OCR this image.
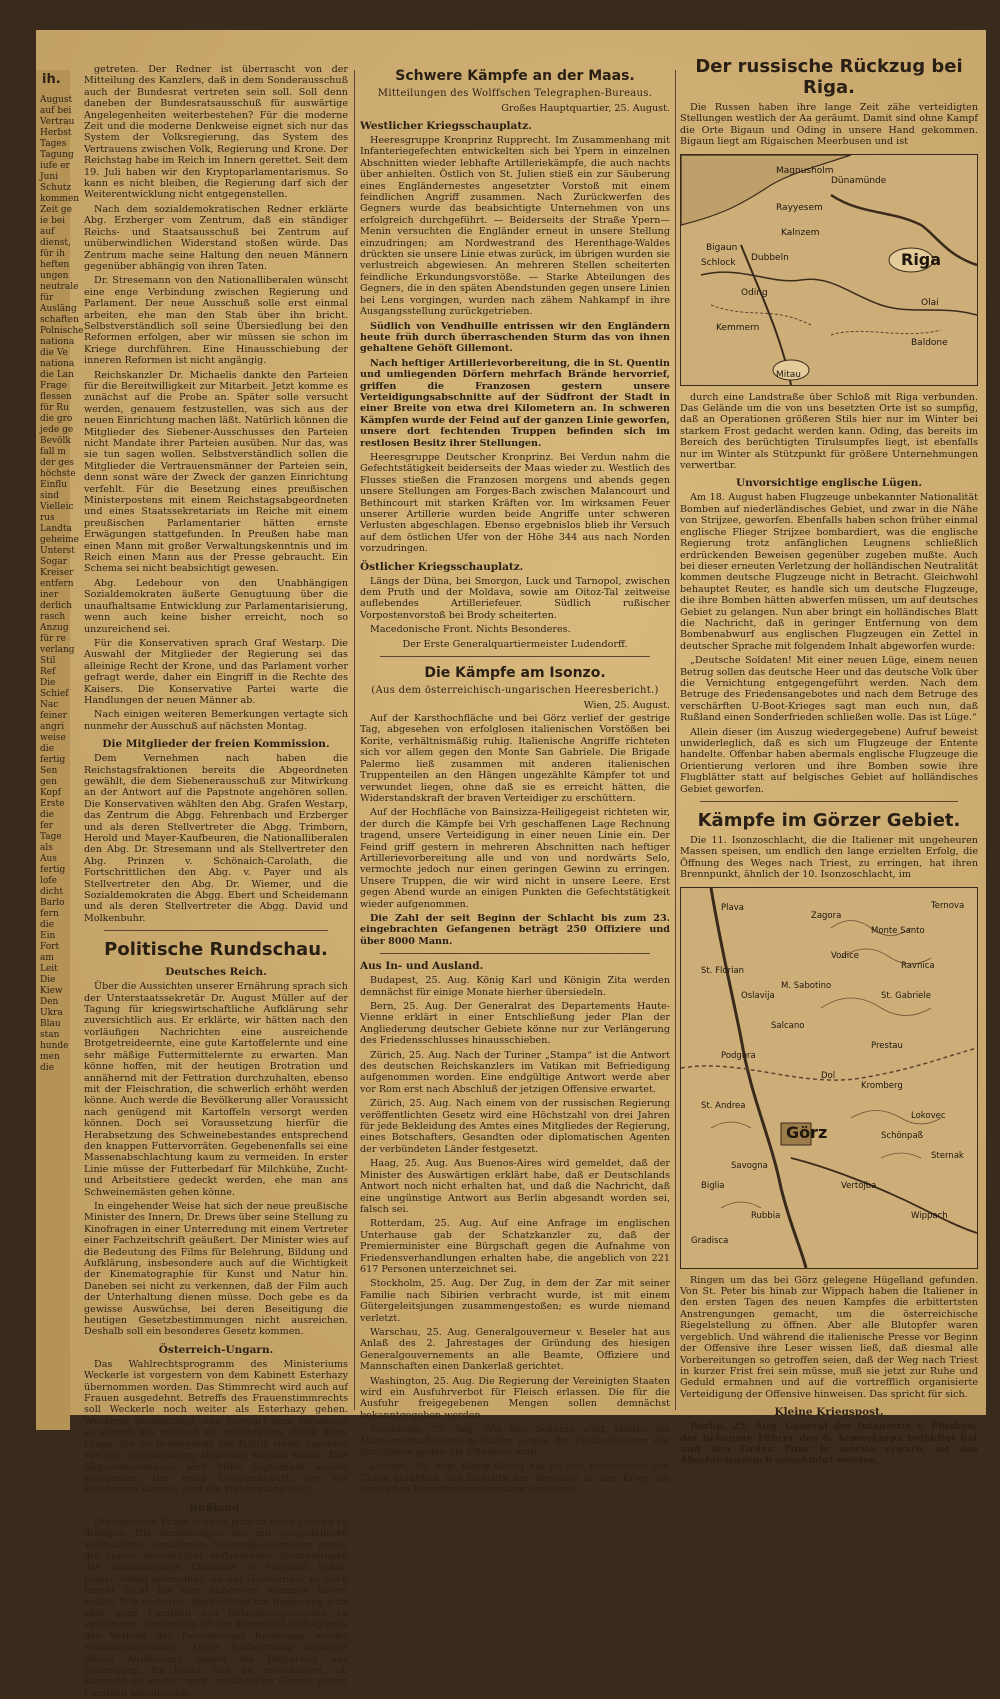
ih.
August
auf bei
Vertrau
Herbst
Tages
Tagung
iufe er
Juni
Schutz
kommen
Zeit ge
ie bei
auf
dienst,
für ih
heften
ungen
neutrale
für
Ausläng
schaften
Polnische
nationa
die Ve
nationa
die Lan
Frage
flessen
für Ru
die gro
jede ge
Bevölk
fall m
der ges
höchste
Einflu
sind
Vielleic
rus
Landta
geheime
Unterst
Sogar
Kreiser
entfern
iner
derlich
rasch
Anzug
für re
verlang
Stil
Ref
Die
Schief
Nac
feiner
angri
weise
die
fertig
Sen
gen
Kopf
Erste
die
fer
Tage
als
Aus
fertig
lofe
dicht
Barlo
fern
die
Ein
Fort
am
Leit
Die
Kiew
Den
Ukra
Blau
stan
hunde
men
die

getreten. Der Redner ist überrascht von der Mitteilung des Kanzlers, daß in dem Sonderausschuß auch der Bundesrat vertreten sein soll. Soll denn daneben der Bundesratsausschuß für auswärtige Angelegenheiten weiterbestehen? Für die moderne Zeit und die moderne Denkweise eignet sich nur das System der Volksregierung, das System des Vertrauens zwischen Volk, Regierung und Krone. Der Reichstag habe im Reich im Innern gerettet. Seit dem 19. Juli haben wir den Kryptoparlamentarismus. So kann es nicht bleiben, die Regierung darf sich der Weiterentwicklung nicht entgegenstellen.

Nach dem sozialdemokratischen Redner erklärte Abg. Erzberger vom Zentrum, daß ein ständiger Reichs- und Staatsausschuß bei Zentrum auf unüberwindlichen Widerstand stoßen würde. Das Zentrum mache seine Haltung den neuen Männern gegenüber abhängig von ihren Taten.

Dr. Stresemann von den Nationalliberalen wünscht eine enge Verbindung zwischen Regierung und Parlament. Der neue Ausschuß solle erst einmal arbeiten, ehe man den Stab über ihn bricht. Selbstverständlich soll seine Übersiedlung bei den Reformen erfolgen, aber wir müssen sie schon im Kriege durchführen. Eine Hinausschiebung der inneren Reformen ist nicht angängig.

Reichskanzler Dr. Michaelis dankte den Parteien für die Bereitwilligkeit zur Mitarbeit. Jetzt komme es zunächst auf die Probe an. Später solle versucht werden, genauem festzustellen, was sich aus der neuen Einrichtung machen läßt. Natürlich können die Mitglieder des Siebener-Ausschusses den Parteien nicht Mandate ihrer Parteien ausüben. Nur das, was sie tun sagen wollen. Selbstverständlich sollen die Mitglieder die Vertrauensmänner der Parteien sein, denn sonst wäre der Zweck der ganzen Einrichtung verfehlt. Für die Besetzung eines preußischen Ministerpostens mit einem Reichstagsabgeordneten und eines Staatssekretariats im Reiche mit einem preußischen Parlamentarier hätten ernste Erwägungen stattgefunden. In Preußen habe man einen Mann mit großer Verwaltungskenntnis und im Reich einen Mann aus der Presse gebraucht. Ein Schema sei nicht beabsichtigt gewesen.

Abg. Ledebour von den Unabhängigen Sozialdemokraten äußerte Genugtuung über die unaufhaltsame Entwicklung zur Parlamentarisierung, wenn auch keine bisher erreicht, noch so unzureichend sei.

Für die Konservativen sprach Graf Westarp. Die Auswahl der Mitglieder der Regierung sei das alleinige Recht der Krone, und das Parlament vorher gefragt werde, daher ein Eingriff in die Rechte des Kaisers. Die Konservative Partei warte die Handlungen der neuen Männer ab.

Nach einigen weiteren Bemerkungen vertagte sich nunmehr der Ausschuß auf nächsten Montag.

Die Mitglieder der freien Kommission.

Dem Vernehmen nach haben die Reichstagsfraktionen bereits die Abgeordneten gewählt, die dem Siebenerausschuß zur Mitwirkung an der Antwort auf die Papstnote angehören sollen. Die Konservativen wählten den Abg. Grafen Westarp, das Zentrum die Abgg. Fehrenbach und Erzberger und als deren Stellvertreter die Abgg. Trimborn, Herold und Mayer-Kaufbeuren, die Nationalliberalen den Abg. Dr. Stresemann und als Stellvertreter den Abg. Prinzen v. Schönaich-Carolath, die Fortschrittlichen den Abg. v. Payer und als Stellvertreter den Abg. Dr. Wiemer, und die Sozialdemokraten die Abgg. Ebert und Scheidemann und als deren Stellvertreter die Abgg. David und Molkenbuhr.

Politische Rundschau.
Deutsches Reich.

Über die Aussichten unserer Ernährung sprach sich der Unterstaatssekretär Dr. August Müller auf der Tagung für kriegswirtschaftliche Aufklärung sehr zuversichtlich aus. Er erklärte, wir hätten nach den vorläufigen Nachrichten eine ausreichende Brotgetreideernte, eine gute Kartoffelernte und eine sehr mäßige Futtermittelernte zu erwarten. Man könne hoffen, mit der heutigen Brotration und annähernd mit der Fettration durchzuhalten, ebenso mit der Fleischration, die schwerlich erhöht werden könne. Auch werde die Bevölkerung aller Voraussicht nach genügend mit Kartoffeln versorgt werden können. Doch sei Voraussetzung hierfür die Herabsetzung des Schweinebestandes entsprechend den knappen Futtervorräten. Gegebenenfalls sei eine Massenabschlachtung kaum zu vermeiden. In erster Linie müsse der Futterbedarf für Milchkühe, Zucht- und Arbeitstiere gedeckt werden, ehe man ans Schweinemästen gehen könne.

In eingehender Weise hat sich der neue preußische Minister des Innern, Dr. Drews über seine Stellung zu Kinofragen in einer Unterredung mit einem Vertreter einer Fachzeitschrift geäußert. Der Minister wies auf die Bedeutung des Films für Belehrung, Bildung und Aufklärung, insbesondere auch auf die Wichtigkeit der Kinematographie für Kunst und Natur hin. Daneben sei nicht zu verkennen, daß der Film auch der Unterhaltung dienen müsse. Doch gebe es da gewisse Auswüchse, bei deren Beseitigung die heutigen Gesetzbestimmungen nicht ausreichen. Deshalb soll ein besonderes Gesetz kommen.

Österreich-Ungarn.

Das Wahlrechtsprogramm des Ministeriums Weckerle ist vorgestern von dem Kabinett Esterhazy übernommen worden. Das Stimmrecht wird auch auf Frauen ausgedehnt. Betreffs des Frauenstimmrechts soll Weckerle noch weiter als Esterhazy gehen. Weckerle beabsichtigt, den Entwurf dem Parlament so schnell wie möglich zu unterbreiten, damit diese Frage, die im Brennpunkt der Politik stehe, raschest von der Tagesordnung abgesetzt werden könne. Das Abgeordnetenhaus wird Mitte September wieder einberufen. Der erste Gesetzentwurf, der zur Erledigung kommt, wird die Wahlvorlage sein.

Rußland.

Die finnische Frage scheint jetzt zu einer Lösung zu drängen. Die Bemühungen des mit ausgedehnten Vollmachten versehenen Generalgouverneurs gegen die immer unverhüllter auftretenden Bestrebungen der sozialistischen Elemente in Finnland haben bisher wenig gefruchtet, da der Gouverneur es noch immer nicht bis zum äußersten kommen lassen wollte. Wie verlautet, beabsichtigt die Regierung jetzt aber ganz Finnland den Belagerungszustand zu verhängen. Inzwischen ist der finnische Landtag trotz des Verbots der Petersburger Regierung wieder zusammengetreten. Diese Einberufung bedeutet offene Auflehnung gegen die Regierung aus Petersburg. Es bleibt nun zu entscheiden, ob Kerenski es wagen wird, militärische Gewalt gegen Finnland aufzubieten.

Schwere Kämpfe an der Maas.
Mitteilungen des Wolffschen Telegraphen-Bureaus.
Großes Hauptquartier, 25. August.
Westlicher Kriegsschauplatz.

Heeresgruppe Kronprinz Rupprecht. Im Zusammenhang mit Infanteriegefechten entwickelten sich bei Ypern in einzelnen Abschnitten wieder lebhafte Artilleriekämpfe, die auch nachts über anhielten. Östlich von St. Julien stieß ein zur Säuberung eines Engländernestes angesetzter Vorstoß mit einem feindlichen Angriff zusammen. Nach Zurückwerfen des Gegners wurde das beabsichtigte Unternehmen von uns erfolgreich durchgeführt. — Beiderseits der Straße Ypern—Menin versuchten die Engländer erneut in unsere Stellung einzudringen; am Nordwestrand des Herenthage-Waldes drückten sie unsere Linie etwas zurück, im übrigen wurden sie verlustreich abgewiesen. An mehreren Stellen scheiterten feindliche Erkundungsvorstöße. — Starke Abteilungen des Gegners, die in den späten Abendstunden gegen unsere Linien bei Lens vorgingen, wurden nach zähem Nahkampf in ihre Ausgangsstellung zurückgetrieben.

Südlich von Vendhuille entrissen wir den Engländern heute früh durch überraschenden Sturm das von ihnen gehaltene Gehöft Gillemont.

Nach heftiger Artillerievorbereitung, die in St. Quentin und umliegenden Dörfern mehrfach Brände hervorrief, griffen die Franzosen gestern unsere Verteidigungsabschnitte auf der Südfront der Stadt in einer Breite von etwa drei Kilometern an. In schweren Kämpfen wurde der Feind auf der ganzen Linie geworfen, unsere dort fechtenden Truppen befinden sich im restlosen Besitz ihrer Stellungen.

Heeresgruppe Deutscher Kronprinz. Bei Verdun nahm die Gefechtstätigkeit beiderseits der Maas wieder zu. Westlich des Flusses stießen die Franzosen morgens und abends gegen unsere Stellungen am Forges-Bach zwischen Malancourt und Bethincourt mit starken Kräften vor. Im wirksamen Feuer unserer Artillerie wurden beide Angriffe unter schweren Verlusten abgeschlagen. Ebenso ergebnislos blieb ihr Versuch auf dem östlichen Ufer von der Höhe 344 aus nach Norden vorzudringen.

Östlicher Kriegsschauplatz.

Längs der Düna, bei Smorgon, Luck und Tarnopol, zwischen dem Pruth und der Moldava, sowie am Oitoz-Tal zeitweise auflebendes Artilleriefeuer. Südlich rußischer Vorpostenvorstoß bei Brody scheiterten.

Macedonische Front. Nichts Besonderes.

Der Erste Generalquartiermeister Ludendorff.

Die Kämpfe am Isonzo.
(Aus dem österreichisch-ungarischen Heeresbericht.)
Wien, 25. August.

Auf der Karsthochfläche und bei Görz verlief der gestrige Tag, abgesehen von erfolglosen italienischen Vorstößen bei Korite, verhältnismäßig ruhig. Italienische Angriffe richteten sich vor allem gegen den Monte San Gabriele. Die Brigade Palermo ließ zusammen mit anderen italienischen Truppenteilen an den Hängen ungezählte Kämpfer tot und verwundet liegen, ohne daß sie es erreicht hätten, die Widerstandskraft der braven Verteidiger zu erschüttern.

Auf der Hochfläche von Bainsizza-Heiligegeist richteten wir, der durch die Kämpfe bei Vrh geschaffenen Lage Rechnung tragend, unsere Verteidigung in einer neuen Linie ein. Der Feind griff gestern in mehreren Abschnitten nach heftiger Artillerievorbereitung alle und von und nordwärts Selo, vermochte jedoch nur einen geringen Gewinn zu erringen. Unsere Truppen, die wir wird nicht in unsere Leere. Erst gegen Abend wurde an einigen Punkten die Gefechtstätigkeit wieder aufgenommen.

Die Zahl der seit Beginn der Schlacht bis zum 23. eingebrachten Gefangenen beträgt 250 Offiziere und über 8000 Mann.

Aus In- und Ausland.

Budapest, 25. Aug. König Karl und Königin Zita werden demnächst für einige Monate hierher übersiedeln.

Bern, 25. Aug. Der Generalrat des Departements Haute-Vienne erklärt in einer Entschließung jeder Plan der Angliederung deutscher Gebiete könne nur zur Verlängerung des Friedensschlusses hinausschieben.

Zürich, 25. Aug. Nach der Turiner „Stampa“ ist die Antwort des deutschen Reichskanzlers im Vatikan mit Befriedigung aufgenommen worden. Eine endgültige Antwort werde aber vor Rom erst nach Abschluß der jetzigen Offensive erwartet.

Zürich, 25. Aug. Nach einem von der russischen Regierung veröffentlichten Gesetz wird eine Höchstzahl von drei Jahren für jede Bekleidung des Amtes eines Mitgliedes der Regierung, eines Botschafters, Gesandten oder diplomatischen Agenten der verbündeten Länder festgesetzt.

Haag, 25. Aug. Aus Buenos-Aires wird gemeldet, daß der Minister des Auswärtigen erklärt habe, daß er Deutschlands Antwort noch nicht erhalten hat, und daß die Nachricht, daß eine ungünstige Antwort aus Berlin abgesandt worden sei, falsch sei.

Rotterdam, 25. Aug. Auf eine Anfrage im englischen Unterhause gab der Schatzkanzler zu, daß der Premierminister eine Bürgschaft gegen die Aufnahme von Friedensverhandlungen erhalten habe, die angeblich von 221 617 Personen unterzeichnet sei.

Stockholm, 25. Aug. Der Zug, in dem der Zar mit seiner Familie nach Sibirien verbracht wurde, ist mit einem Gütergeleitsjungen zusammengestoßen; es wurde niemand verletzt.

Warschau, 25. Aug. Generalgouverneur v. Beseler hat aus Anlaß des 2. Jahrestages der Gründung des hiesigen Generalgouvernements an alle Beamte, Offiziere und Mannschaften einen Dankerlaß gerichtet.

Washington, 25. Aug. Die Regierung der Vereinigten Staaten wird ein Ausfuhrverbot für Fleisch erlassen. Die für die Ausfuhr freigegebenen Mengen sollen demnächst bekanntgegeben werden.

Stockholm, 25. Aug. Wie hier bekannt wird, fanden die Massenverhaftungen in Italien wegen der Kundgebungen der Sozialisten gegen die Offensive statt.

London, 25. Aug. König Georg hat an den Präsidenten von China anläßlich des Eintritts der Republik in den Krieg ein herzliches Begrüßungstelegramm gerichtet.

Der russische Rückzug bei Riga.

Die Russen haben ihre lange Zeit zähe verteidigten Stellungen westlich der Aa geräumt. Damit sind ohne Kampf die Orte Bigaun und Oding in unsere Hand gekommen. Bigaun liegt am Rigaischen Meerbusen und ist

Magnusholm
Dünamünde
Rayyesem
Kalnzem
Riga
Schlock
Oding
Bigaun
Mitau
Kemmern
Dubbeln
Olai
Baldone

durch eine Landstraße über Schloß mit Riga verbunden. Das Gelände um die von uns besetzten Orte ist so sumpfig, daß an Operationen größeren Stils hier nur im Winter bei starkem Frost gedacht werden kann. Oding, das bereits im Bereich des berüchtigten Tirulsumpfes liegt, ist ebenfalls nur im Winter als Stützpunkt für größere Unternehmungen verwertbar.

Unvorsichtige englische Lügen.

Am 18. August haben Flugzeuge unbekannter Nationalität Bomben auf niederländisches Gebiet, und zwar in die Nähe von Strijzee, geworfen. Ebenfalls haben schon früher einmal englische Flieger Strijzee bombardiert, was die englische Regierung trotz anfänglichen Leugnens schließlich erdrückenden Beweisen gegenüber zugeben mußte. Auch bei dieser erneuten Verletzung der holländischen Neutralität kommen deutsche Flugzeuge nicht in Betracht. Gleichwohl behauptet Reuter, es handle sich um deutsche Flugzeuge, die ihre Bomben hätten abwerfen müssen, um auf deutsches Gebiet zu gelangen. Nun aber bringt ein holländisches Blatt die Nachricht, daß in geringer Entfernung von dem Bombenabwurf aus englischen Flugzeugen ein Zettel in deutscher Sprache mit folgendem Inhalt abgeworfen wurde:

„Deutsche Soldaten! Mit einer neuen Lüge, einem neuen Betrug sollen das deutsche Heer und das deutsche Volk über die Vernichtung entgegengeführt werden. Nach dem Betruge des Friedensangebotes und nach dem Betruge des verschärften U-Boot-Krieges sagt man euch nun, daß Rußland einen Sonderfrieden schließen wolle. Das ist Lüge.“

Allein dieser (im Auszug wiedergegebene) Aufruf beweist unwiderleglich, daß es sich um Flugzeuge der Entente handelte. Offenbar haben abermals englische Flugzeuge die Orientierung verloren und ihre Bomben sowie ihre Flugblätter statt auf belgisches Gebiet auf holländisches Gebiet geworfen.

Kämpfe im Görzer Gebiet.

Die 11. Isonzoschlacht, die die Italiener mit ungeheuren Massen speisen, um endlich den lange erzielten Erfolg, die Öffnung des Weges nach Triest, zu erringen, hat ihren Brennpunkt, ähnlich der 10. Isonzoschlacht, im

Plava
Zagora
Monte Santo
Vodice
St. Florian
Oslavija
M. Sabotino
Salcano
Podgora
Görz
Prestau
St. Gabriele
Ravnica
Kromberg
Vertojba
St. Andrea
Savogna
Biglia
Rubbia
Gradisca
Wippach
Ternova
Dol
Schönpaß
Sternak
Lokovec

Ringen um das bei Görz gelegene Hügelland gefunden. Von St. Peter bis hinab zur Wippach haben die Italiener in den ersten Tagen des neuen Kampfes die erbittertsten Anstrengungen gemacht, um die österreichische Riegelstellung zu öffnen. Aber alle Blutopfer waren vergeblich. Und während die italienische Presse vor Beginn der Offensive ihre Leser wissen ließ, daß diesmal alle Vorbereitungen so getroffen seien, daß der Weg nach Triest in kurzer Frist frei sein müsse, muß sie jetzt zur Ruhe und Geduld ermahnen und auf die vortrefflich organisierte Verteidigung der Offensive hinweisen. Das spricht für sich.

Kleine Kriegspost.

Berlin, 25. Aug. General der Infanterie v. Plüskow, der bekannte Führer des 8. Armeekorps befehligt hat und den Orden Pour le mérite erwarb, ist das Abschiedsgesuch genehmigt worden.
